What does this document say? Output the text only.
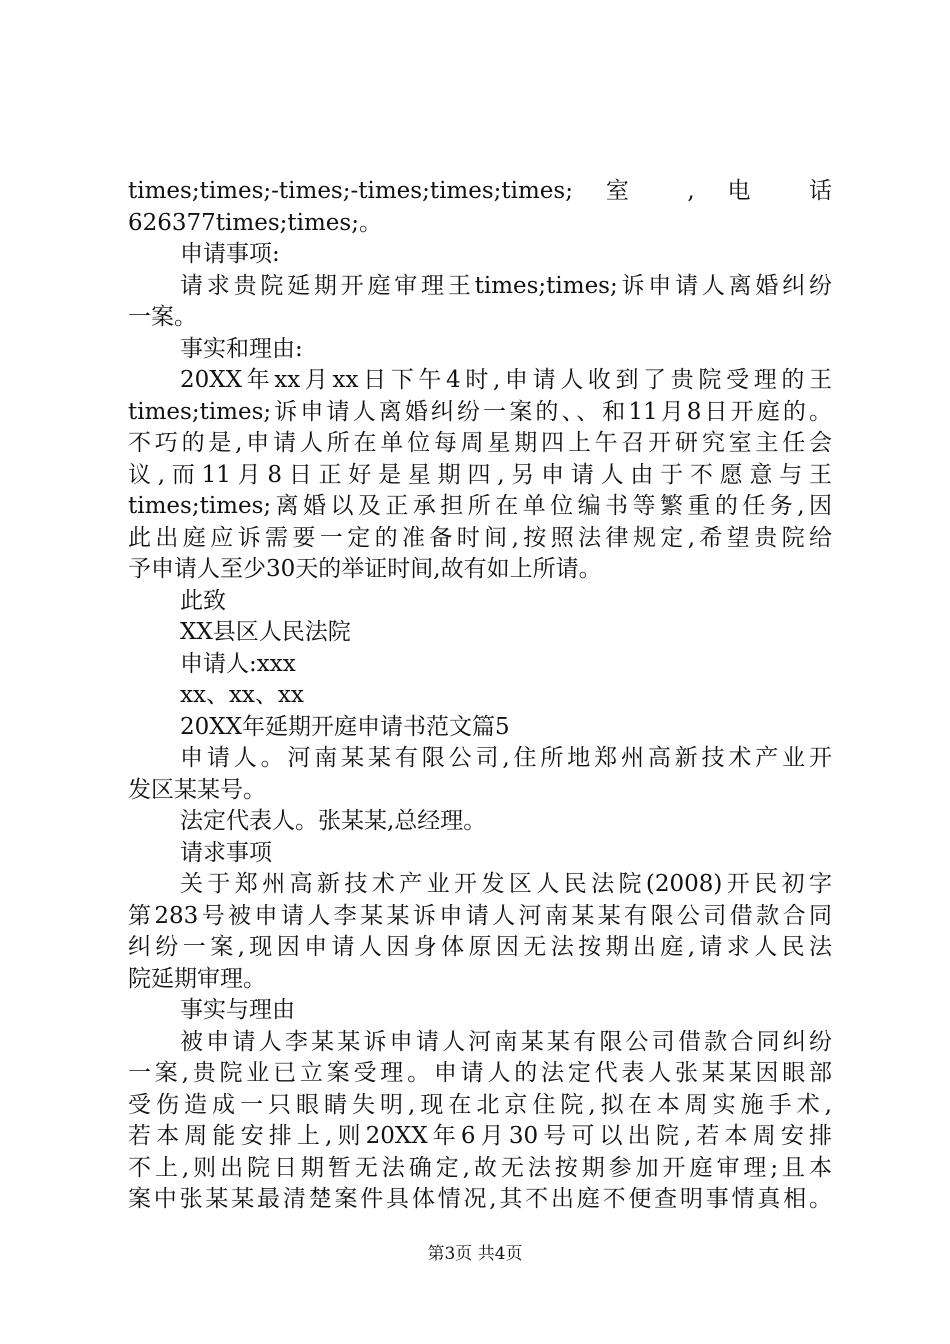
times;times;-times;-times;times;times; 室 , 电 话
626377times;times;。
申请事项:
请求贵院延期开庭审理王times;times;诉申请人离婚纠纷
一案。
事实和理由:
20XX年xx月xx日下午4时,申请人收到了贵院受理的王
times;times;诉申请人离婚纠纷一案的、、和11月8日开庭的。
不巧的是,申请人所在单位每周星期四上午召开研究室主任会
议,而11月8日正好是星期四,另申请人由于不愿意与王
times;times;离婚以及正承担所在单位编书等繁重的任务,因
此出庭应诉需要一定的准备时间,按照法律规定,希望贵院给
予申请人至少30天的举证时间,故有如上所请。
此致
XX县区人民法院
申请人:xxx
xx、xx、xx
20XX年延期开庭申请书范文篇5
申请人。河南某某有限公司,住所地郑州高新技术产业开
发区某某号。
法定代表人。张某某,总经理。
请求事项
关于郑州高新技术产业开发区人民法院(2008)开民初字
第283号被申请人李某某诉申请人河南某某有限公司借款合同
纠纷一案,现因申请人因身体原因无法按期出庭,请求人民法
院延期审理。
事实与理由
被申请人李某某诉申请人河南某某有限公司借款合同纠纷
一案,贵院业已立案受理。申请人的法定代表人张某某因眼部
受伤造成一只眼睛失明,现在北京住院,拟在本周实施手术,
若本周能安排上,则20XX年6月30号可以出院,若本周安排
不上,则出院日期暂无法确定,故无法按期参加开庭审理;且本
案中张某某最清楚案件具体情况,其不出庭不便查明事情真相。
第3页 共4页
